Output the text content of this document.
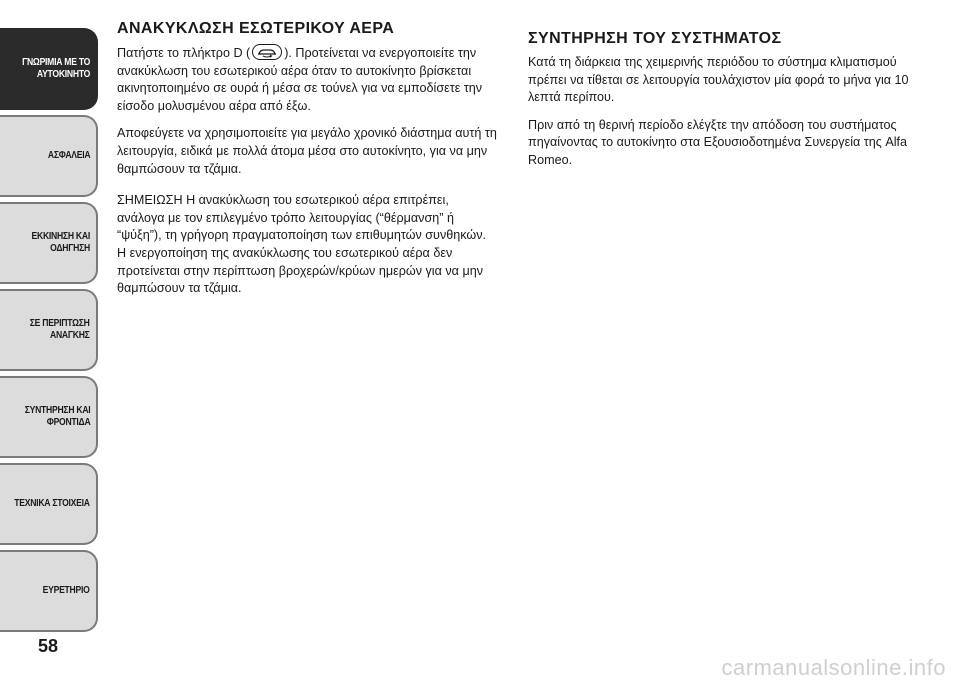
ΓΝΩΡΙΜΙΑ ΜΕ ΤΟ
ΑΥΤΟΚΙΝΗΤΟ
ΑΣΦΑΛΕΙΑ
ΕΚΚΙΝΗΣΗ ΚΑΙ
ΟΔΗΓΗΣΗ
ΣΕ ΠΕΡΙΠΤΩΣΗ
ΑΝΑΓΚΗΣ
ΣΥΝΤΗΡΗΣΗ ΚΑΙ
ΦΡΟΝΤΙΔΑ
ΤΕΧΝΙΚΑ ΣΤΟΙΧΕΙΑ
ΕΥΡΕΤΗΡΙΟ
58
ΑΝΑΚΥΚΛΩΣΗ ΕΣΩΤΕΡΙΚΟΥ ΑΕΡΑ

Πατήστε το πλήκτρο D (	). Προτείνεται να ενεργοποιείτε την ανακύκλωση του εσωτερικού αέρα όταν το αυτοκίνητο βρίσκεται ακινητοποιημένο σε ουρά ή μέσα σε τούνελ για να εμποδίσετε την είσοδο μολυσμένου αέρα από έξω.

Αποφεύγετε να χρησιμοποιείτε για μεγάλο χρονικό διάστημα αυτή τη λειτουργία, ειδικά με πολλά άτομα μέσα στο αυτοκίνητο, για να μην θαμπώσουν τα τζάμια.

ΣΗΜΕΙΩΣΗ Η ανακύκλωση του εσωτερικού αέρα επιτρέπει, ανάλογα με τον επιλεγμένο τρόπο λειτουργίας (“θέρμανση” ή “ψύξη”), τη γρήγορη πραγματοποίηση των επιθυμητών συνθηκών. Η ενεργοποίηση της ανακύκλωσης του εσωτερικού αέρα δεν προτείνεται στην περίπτωση βροχερών/κρύων ημερών για να μην θαμπώσουν τα τζάμια.

ΣΥΝΤΗΡΗΣΗ ΤΟΥ ΣΥΣΤΗΜΑΤΟΣ

Κατά τη διάρκεια της χειμερινής περιόδου το σύστημα κλιματισμού πρέπει να τίθεται σε λειτουργία τουλάχιστον μία φορά το μήνα για 10 λεπτά περίπου.

Πριν από τη θερινή περίοδο ελέγξτε την απόδοση του συστήματος πηγαίνοντας το αυτοκίνητο στα Εξουσιοδοτημένα Συνεργεία της Alfa Romeo.

carmanualsonline.info
